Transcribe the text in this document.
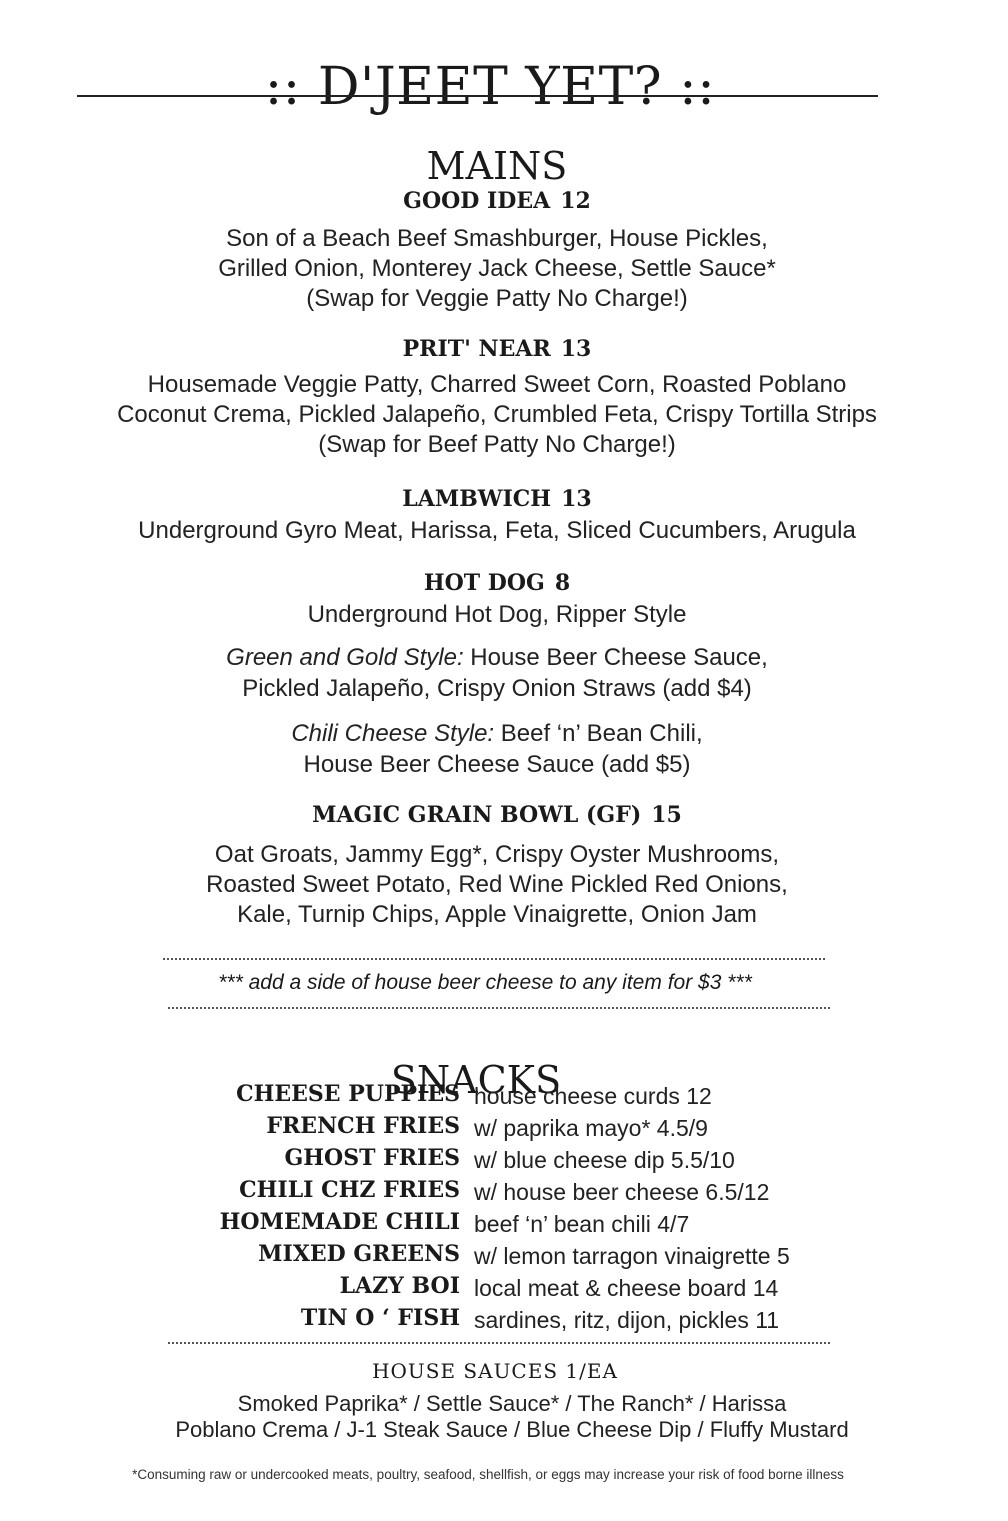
:: D'JEET YET? ::
MAINS

GOOD IDEA 12

Son of a Beach Beef Smashburger, House Pickles,

Grilled Onion, Monterey Jack Cheese, Settle Sauce*

(Swap for Veggie Patty No Charge!)

PRIT' NEAR 13

Housemade Veggie Patty, Charred Sweet Corn, Roasted Poblano

Coconut Crema, Pickled Jalapeño, Crumbled Feta, Crispy Tortilla Strips

(Swap for Beef Patty No Charge!)

LAMBWICH 13

Underground Gyro Meat, Harissa, Feta, Sliced Cucumbers, Arugula

HOT DOG 8

Underground Hot Dog, Ripper Style

Green and Gold Style: House Beer Cheese Sauce,

Pickled Jalapeño, Crispy Onion Straws (add $4)

Chili Cheese Style: Beef ‘n’ Bean Chili,

House Beer Cheese Sauce (add $5)

MAGIC GRAIN BOWL (GF) 15

Oat Groats, Jammy Egg*, Crispy Oyster Mushrooms,

Roasted Sweet Potato, Red Wine Pickled Red Onions,

Kale, Turnip Chips, Apple Vinaigrette, Onion Jam

*** add a side of house beer cheese to any item for $3 ***
SNACKS
CHEESE PUPPIES house cheese curds 12
FRENCH FRIES w/ paprika mayo* 4.5/9
GHOST FRIES w/ blue cheese dip 5.5/10
CHILI CHZ FRIES w/ house beer cheese 6.5/12
HOMEMADE CHILI beef ‘n’ bean chili 4/7
MIXED GREENS w/ lemon tarragon vinaigrette 5
LAZY BOI local meat & cheese board 14
TIN O ‘ FISH sardines, ritz, dijon, pickles 11
HOUSE SAUCES 1/EA
Smoked Paprika* / Settle Sauce* / The Ranch* / Harissa
Poblano Crema / J-1 Steak Sauce / Blue Cheese Dip / Fluffy Mustard
*Consuming raw or undercooked meats, poultry, seafood, shellfish, or eggs may increase your risk of food borne illness
